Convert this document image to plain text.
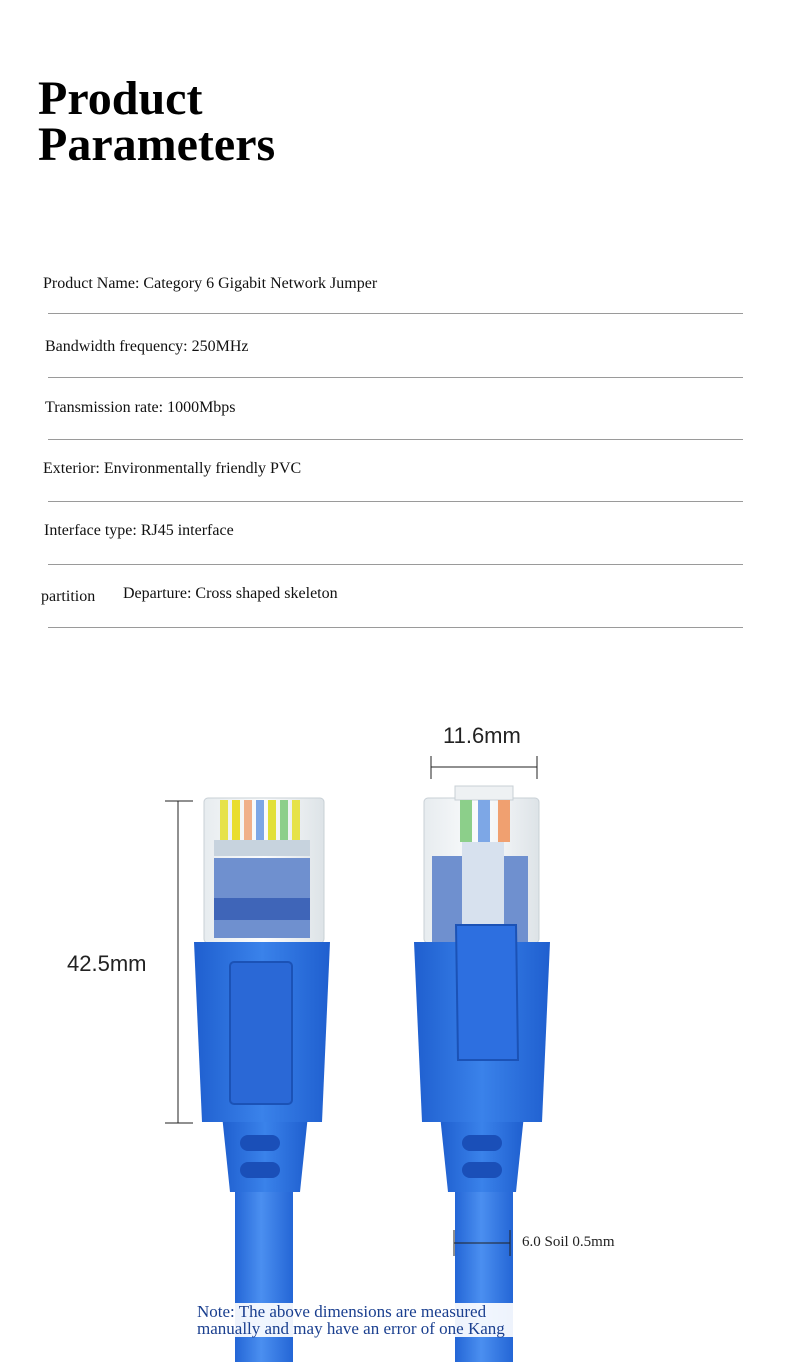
Product
Parameters
Product Name: Category 6 Gigabit Network Jumper
Bandwidth frequency: 250MHz
Transmission rate: 1000Mbps
Exterior: Environmentally friendly PVC
Interface type: RJ45 interface
partition Departure: Cross shaped skeleton
11.6mm
42.5mm
6.0 Soil 0.5mm
Note: The above dimensions are measured
manually and may have an error of one Kang
